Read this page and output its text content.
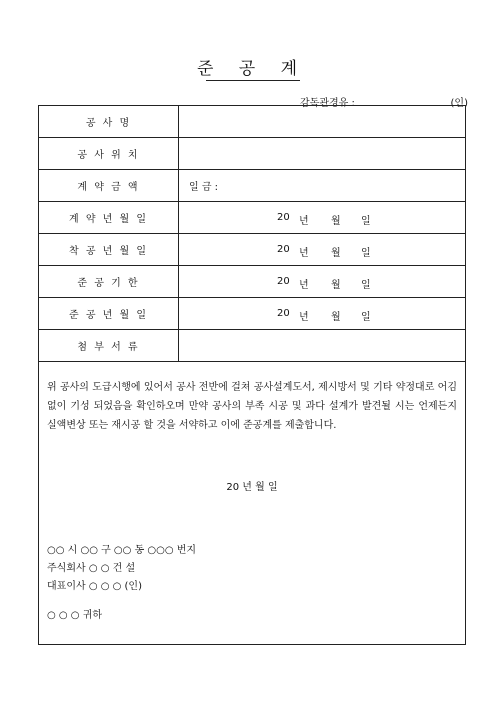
준 공 계
감독관경유 :	(인)
공 사 명	
공 사 위 치	
계 약 금 액	일 금 :
계 약 년 월 일	20 년 월 일

착 공 년 월 일	20 년 월 일

준 공 기 한	20 년 월 일

준 공 년 월 일	20 년 월 일

첨 부 서 류	
위 공사의 도급시행에 있어서 공사 전반에 걸쳐 공사설계도서, 제시방서 및 기타 약정대로 어김없이 기성 되었음을 확인하오며 만약 공사의 부족 시공 및 과다 설계가 발견될 시는 언제든지 실액변상 또는 재시공 할 것을 서약하고 이에 준공계를 제출합니다.
20 년 월 일
○○ 시 ○○ 구 ○○ 동 ○○○ 번지
주식회사 ○ ○ 건 설
대표이사 ○ ○ ○ (인)
○ ○ ○ 귀하
